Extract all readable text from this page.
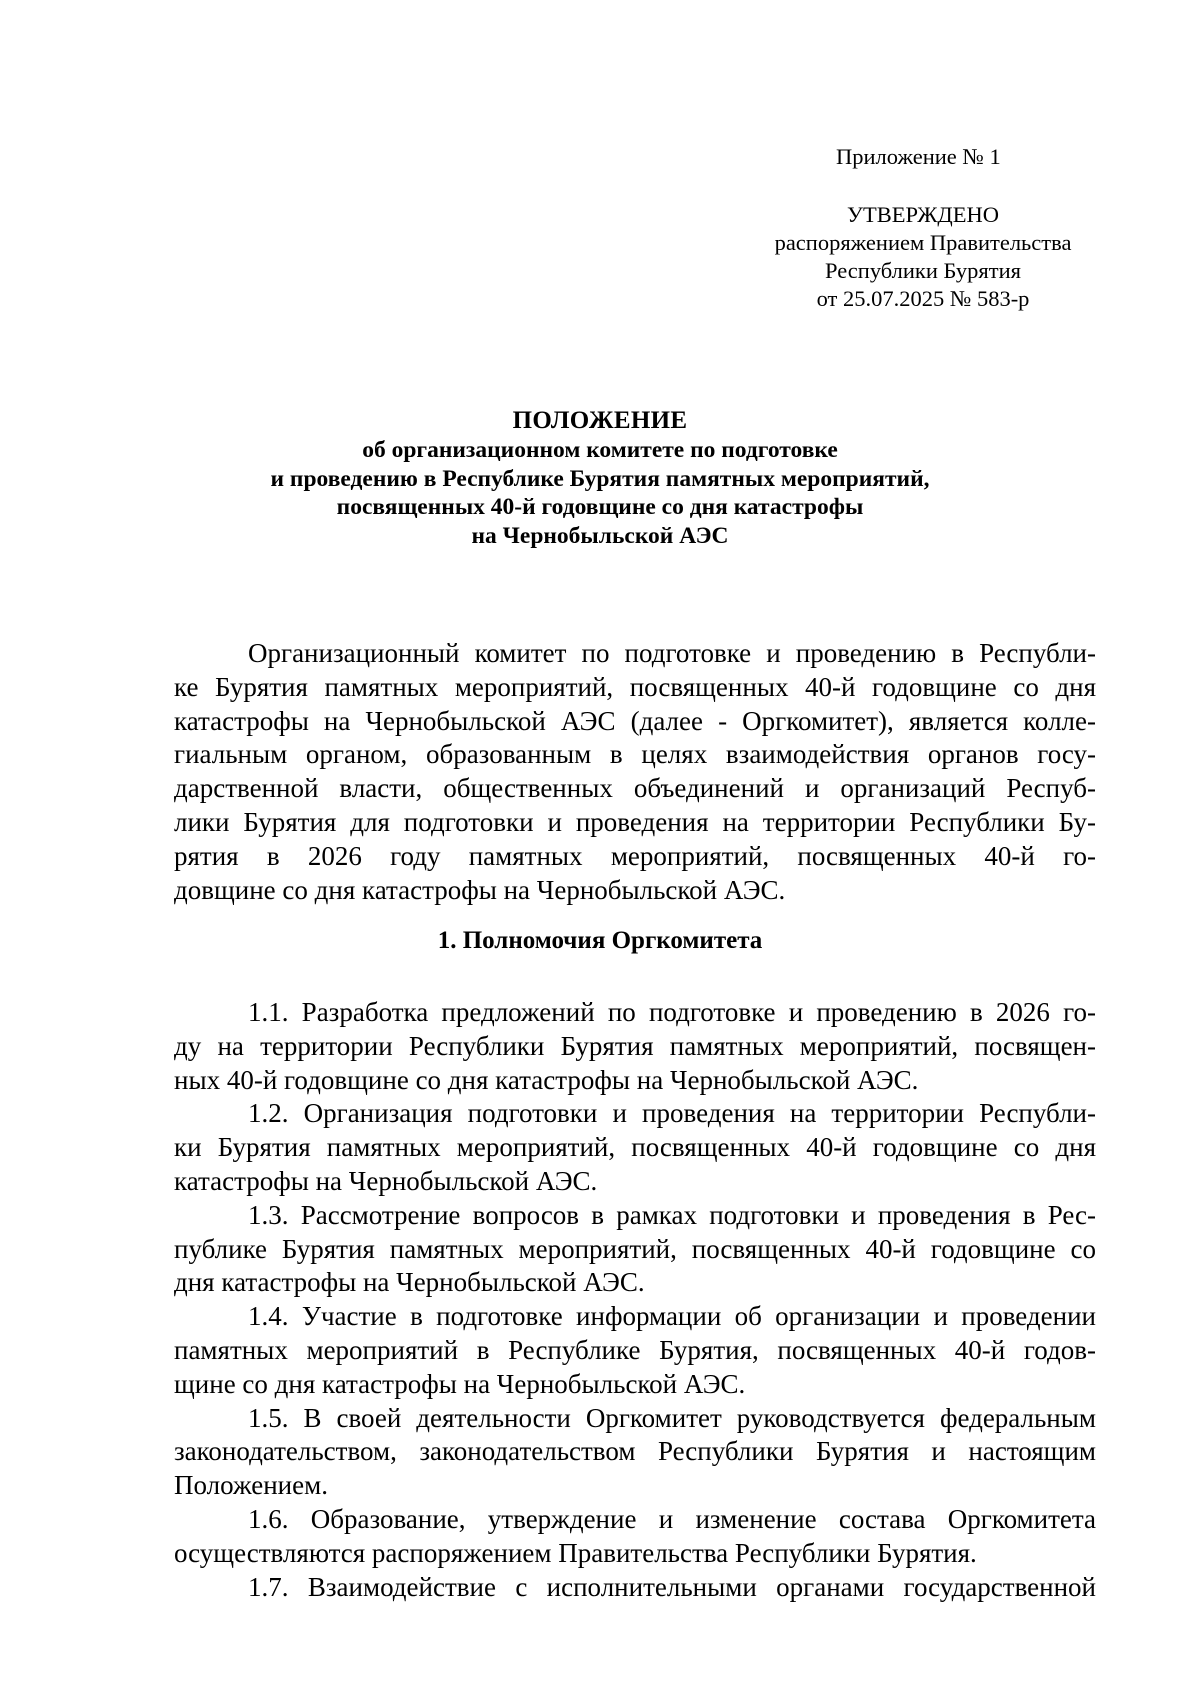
Приложение № 1
УТВЕРЖДЕНО
распоряжением Правительства
Республики Бурятия
от 25.07.2025 № 583-р
ПОЛОЖЕНИЕ
об организационном комитете по подготовке
и проведению в Республике Бурятия памятных мероприятий,
посвященных 40-й годовщине со дня катастрофы
на Чернобыльской АЭС
Организационный комитет по подготовке и проведению в Республи-
ке Бурятия памятных мероприятий, посвященных 40-й годовщине со дня
катастрофы на Чернобыльской АЭС (далее - Оргкомитет), является колле-
гиальным органом, образованным в целях взаимодействия органов госу-
дарственной власти, общественных объединений и организаций Респуб-
лики Бурятия для подготовки и проведения на территории Республики Бу-
рятия в 2026 году памятных мероприятий, посвященных 40-й го-
довщине со дня катастрофы на Чернобыльской АЭС.
1. Полномочия Оргкомитета
1.1. Разработка предложений по подготовке и проведению в 2026 го-
ду на территории Республики Бурятия памятных мероприятий, посвящен-
ных 40-й годовщине со дня катастрофы на Чернобыльской АЭС.
1.2. Организация подготовки и проведения на территории Республи-
ки Бурятия памятных мероприятий, посвященных 40-й годовщине со дня
катастрофы на Чернобыльской АЭС.
1.3. Рассмотрение вопросов в рамках подготовки и проведения в Рес-
публике Бурятия памятных мероприятий, посвященных 40-й годовщине со
дня катастрофы на Чернобыльской АЭС.
1.4. Участие в подготовке информации об организации и проведении
памятных мероприятий в Республике Бурятия, посвященных 40-й годов-
щине со дня катастрофы на Чернобыльской АЭС.
1.5. В своей деятельности Оргкомитет руководствуется федеральным
законодательством, законодательством Республики Бурятия и настоящим
Положением.
1.6. Образование, утверждение и изменение состава Оргкомитета
осуществляются распоряжением Правительства Республики Бурятия.
1.7. Взаимодействие с исполнительными органами государственной
